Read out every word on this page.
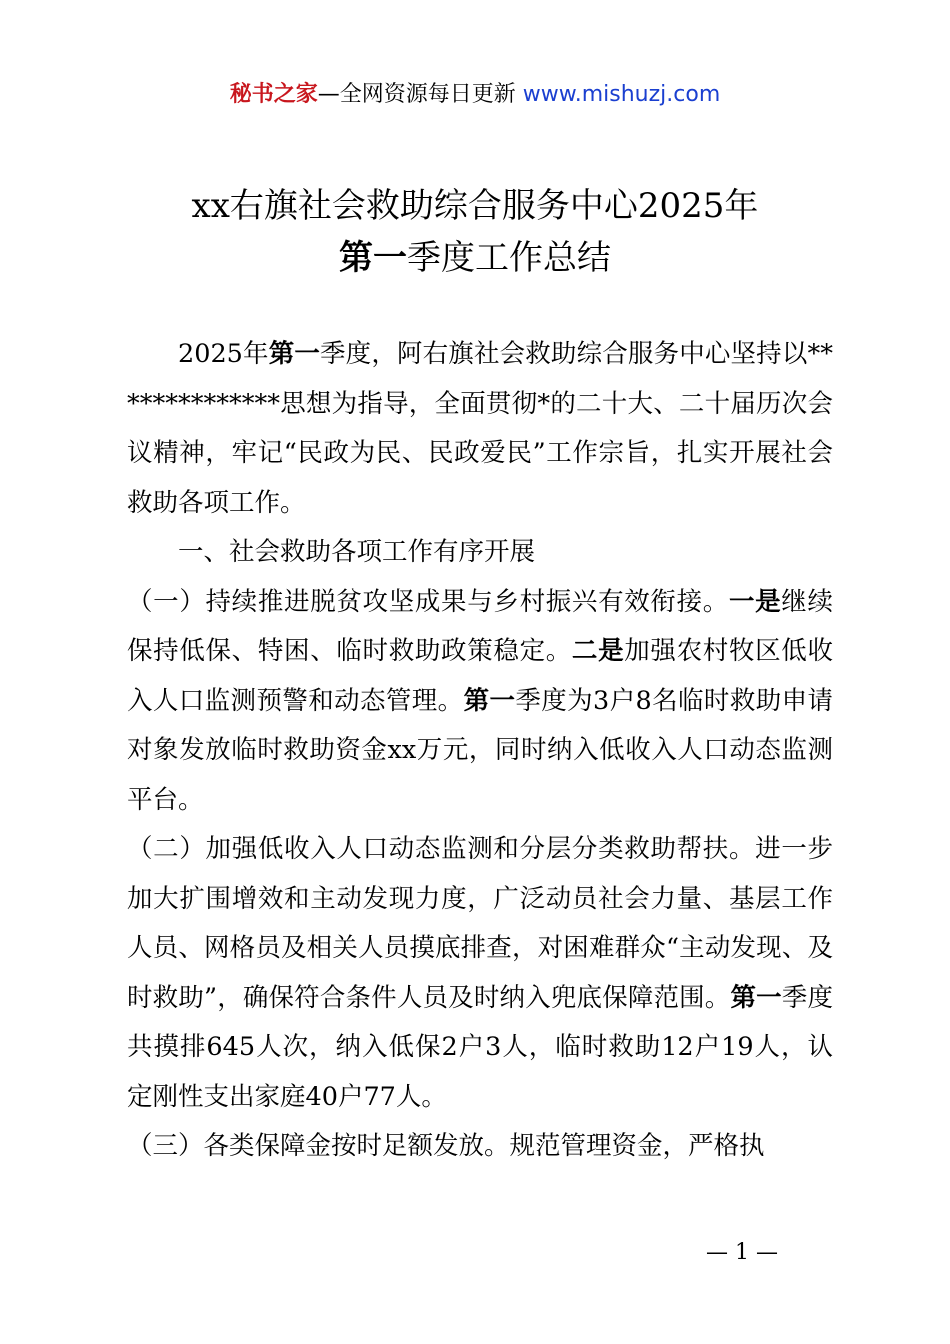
秘书之家—全网资源每日更新 www.mishuzj.com
xx右旗社会救助综合服务中心2025年
第一季度工作总结

2025年第一季度，阿右旗社会救助综合服务中心坚持以**************思想为指导，全面贯彻*的二十大、二十届历次会议精神，牢记“民政为民、民政爱民”工作宗旨，扎实开展社会救助各项工作。

一、社会救助各项工作有序开展

（一）持续推进脱贫攻坚成果与乡村振兴有效衔接。一是继续保持低保、特困、临时救助政策稳定。二是加强农村牧区低收入人口监测预警和动态管理。第一季度为3户8名临时救助申请对象发放临时救助资金xx万元，同时纳入低收入人口动态监测平台。

（二）加强低收入人口动态监测和分层分类救助帮扶。进一步加大扩围增效和主动发现力度，广泛动员社会力量、基层工作人员、网格员及相关人员摸底排查，对困难群众“主动发现、及时救助”，确保符合条件人员及时纳入兜底保障范围。第一季度共摸排645人次，纳入低保2户3人，临时救助12户19人，认定刚性支出家庭40户77人。

（三）各类保障金按时足额发放。规范管理资金，严格执

— 1 —
